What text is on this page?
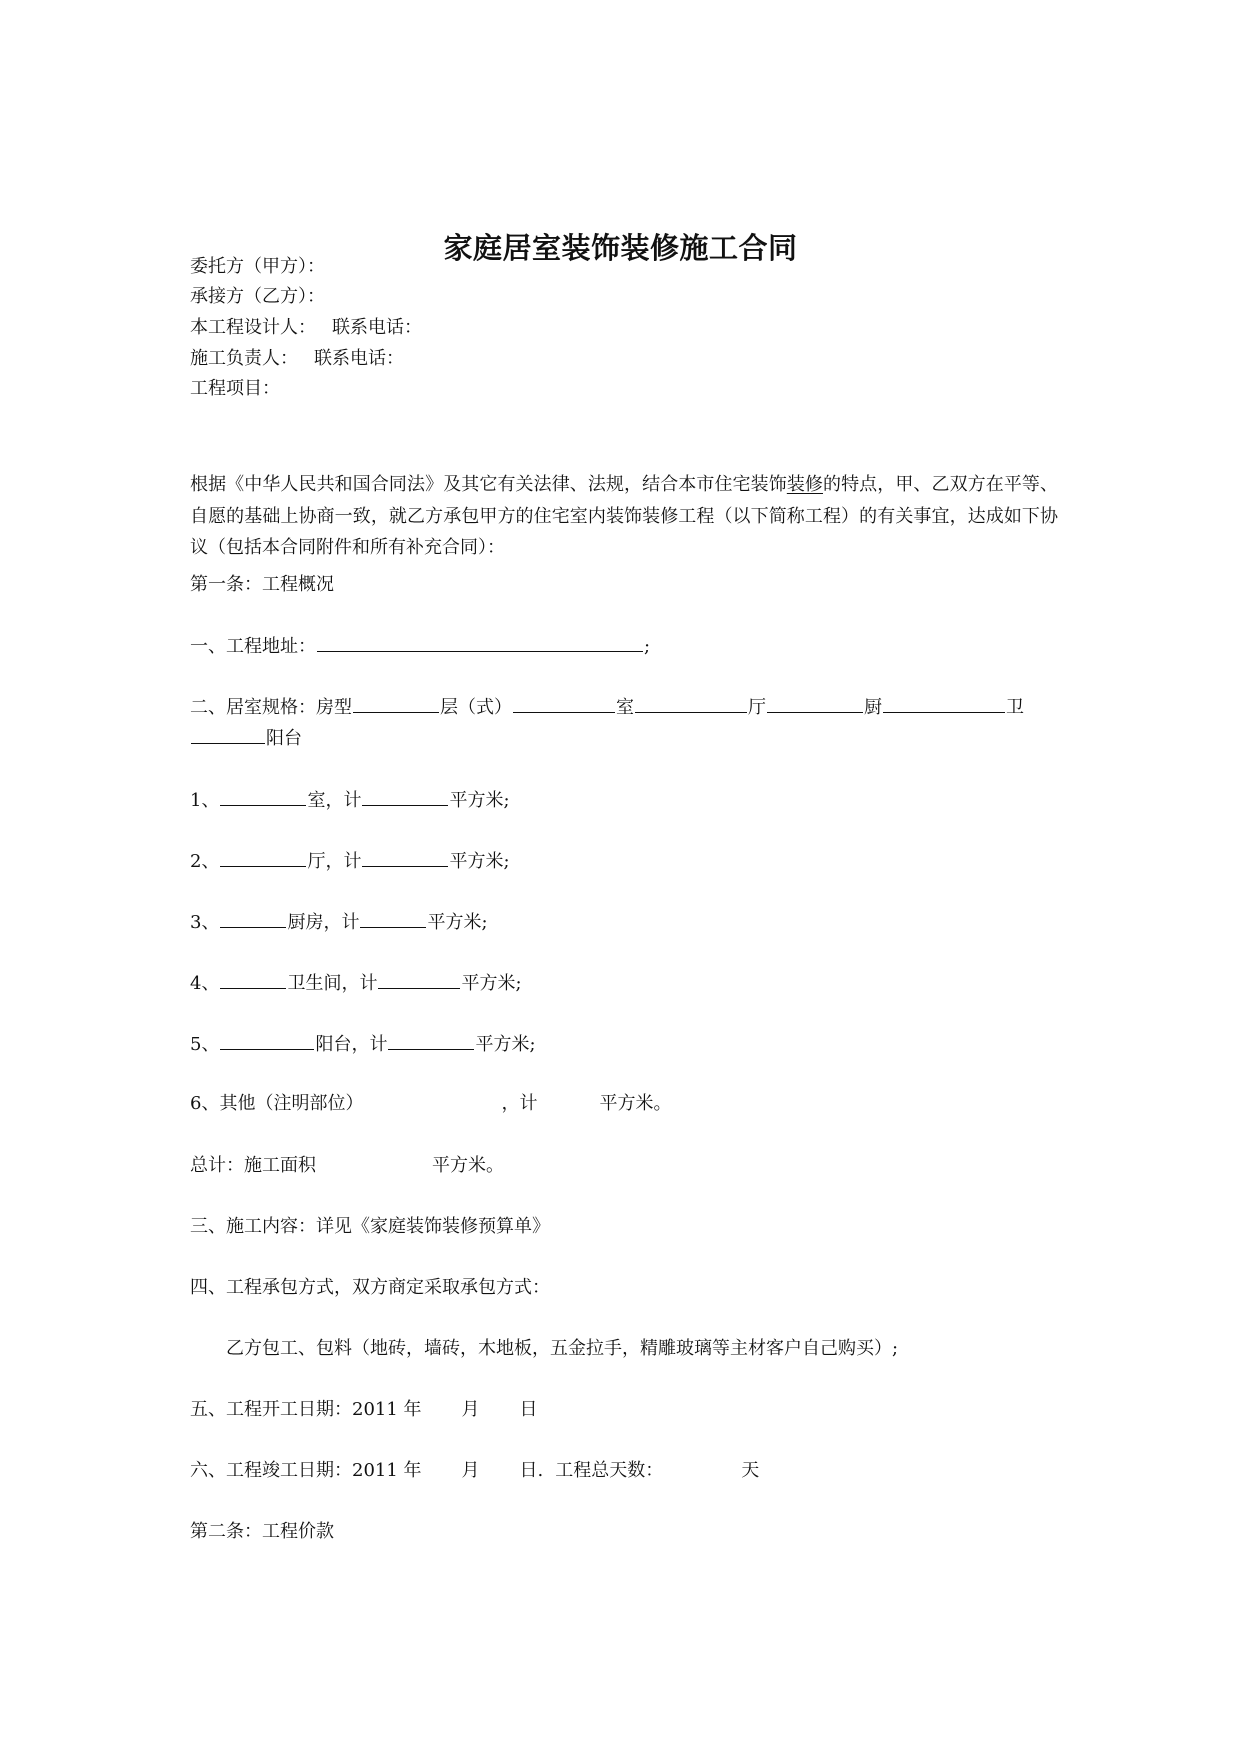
家庭居室装饰装修施工合同
委托方（甲方）：
承接方（乙方）：
本工程设计人： 联系电话：
施工负责人： 联系电话：
工程项目：
根据《中华人民共和国合同法》及其它有关法律、法规，结合本市住宅装饰装修的特点，甲、乙双方在平等、自愿的基础上协商一致，就乙方承包甲方的住宅室内装饰装修工程（以下简称工程）的有关事宜，达成如下协议（包括本合同附件和所有补充合同）：
第一条：工程概况
一、工程地址：	;
二、居室规格：房型	层（式）	室	厅	厨	卫
阳台
1、	室，计	平方米;
2、	厅，计	平方米;
3、	厨房，计	平方米;
4、	卫生间，计	平方米;
5、	阳台，计	平方米;
6、其他（注明部位）	，计	平方米。
总计：施工面积	平方米。
三、施工内容：详见《家庭装饰装修预算单》
四、工程承包方式，双方商定采取承包方式：
乙方包工、包料（地砖，墙砖，木地板，五金拉手，精雕玻璃等主材客户自己购买）;
五、工程开工日期：2011 年 月 日
六、工程竣工日期：2011 年 月 日. 工程总天数：	天
第二条：工程价款
